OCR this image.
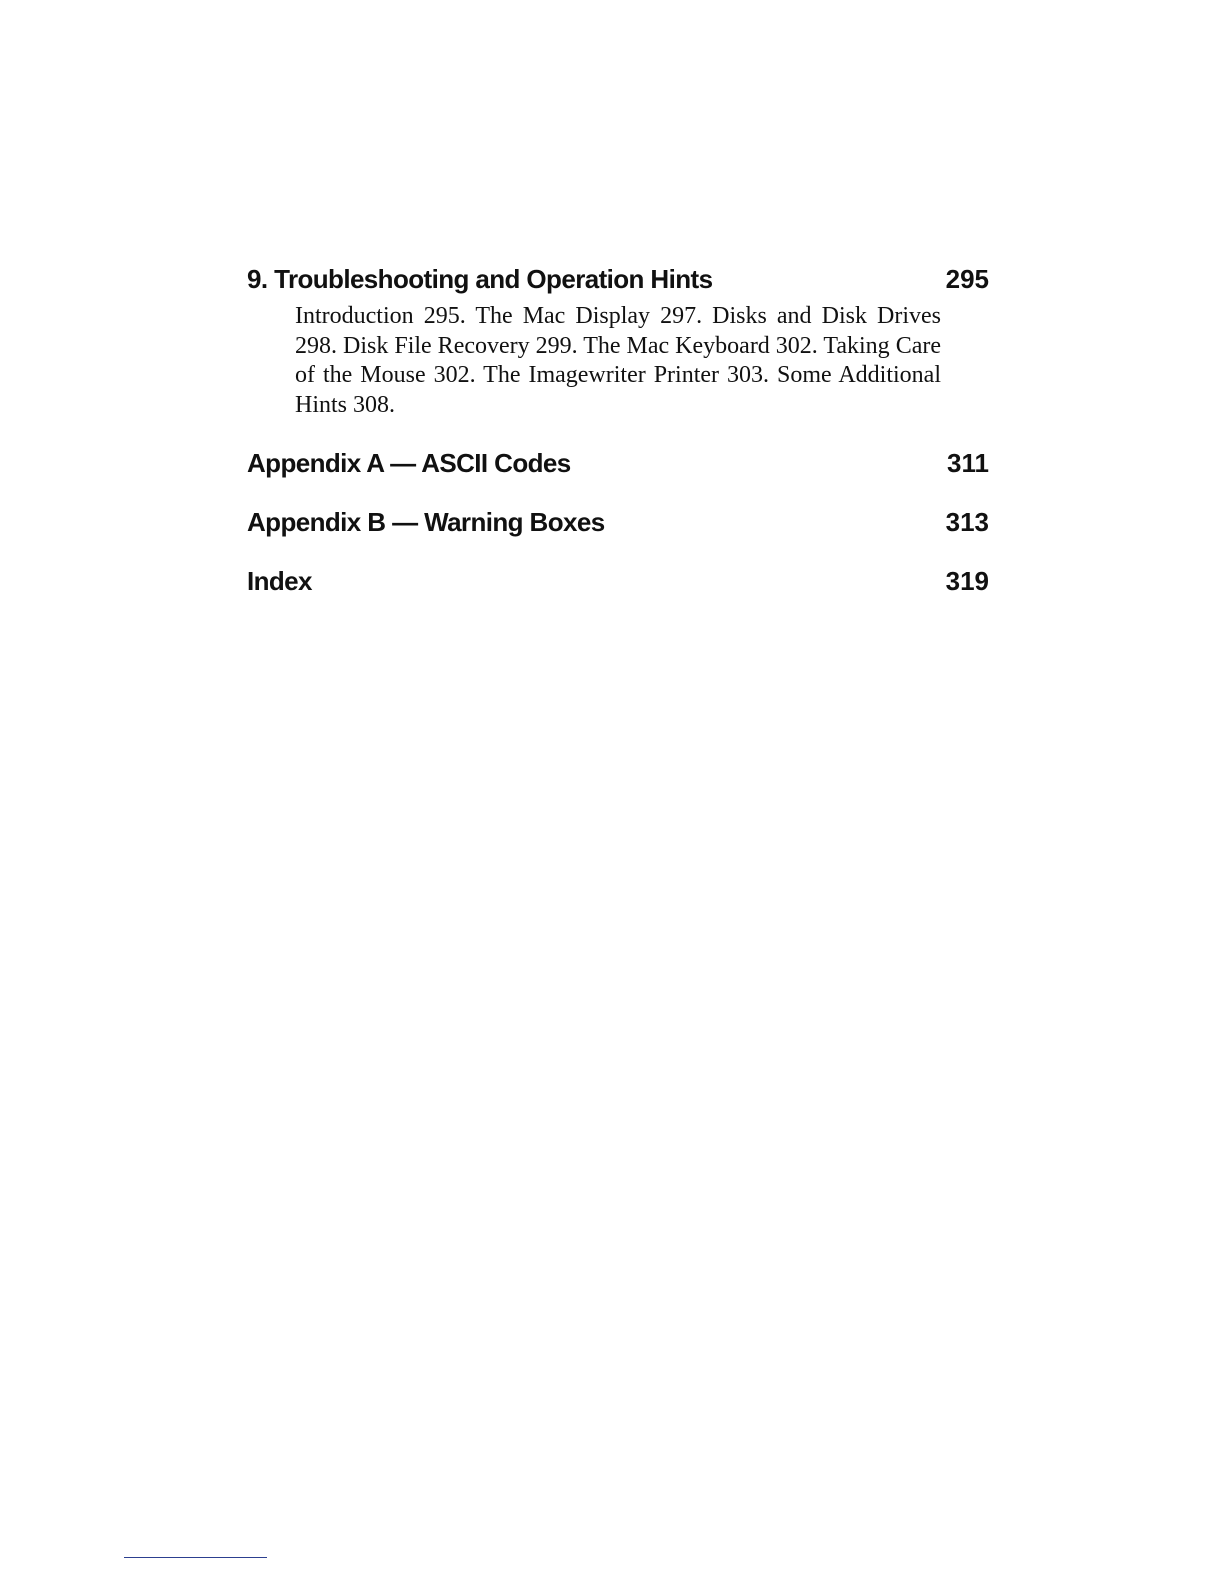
9. Troubleshooting and Operation Hints	295
Introduction 295. The Mac Display 297. Disks and Disk Drives 298. Disk File Recovery 299. The Mac Keyboard 302. Taking Care of the Mouse 302. The Imagewriter Printer 303. Some Additional Hints 308.
Appendix A — ASCII Codes	311
Appendix B — Warning Boxes	313
Index	319
